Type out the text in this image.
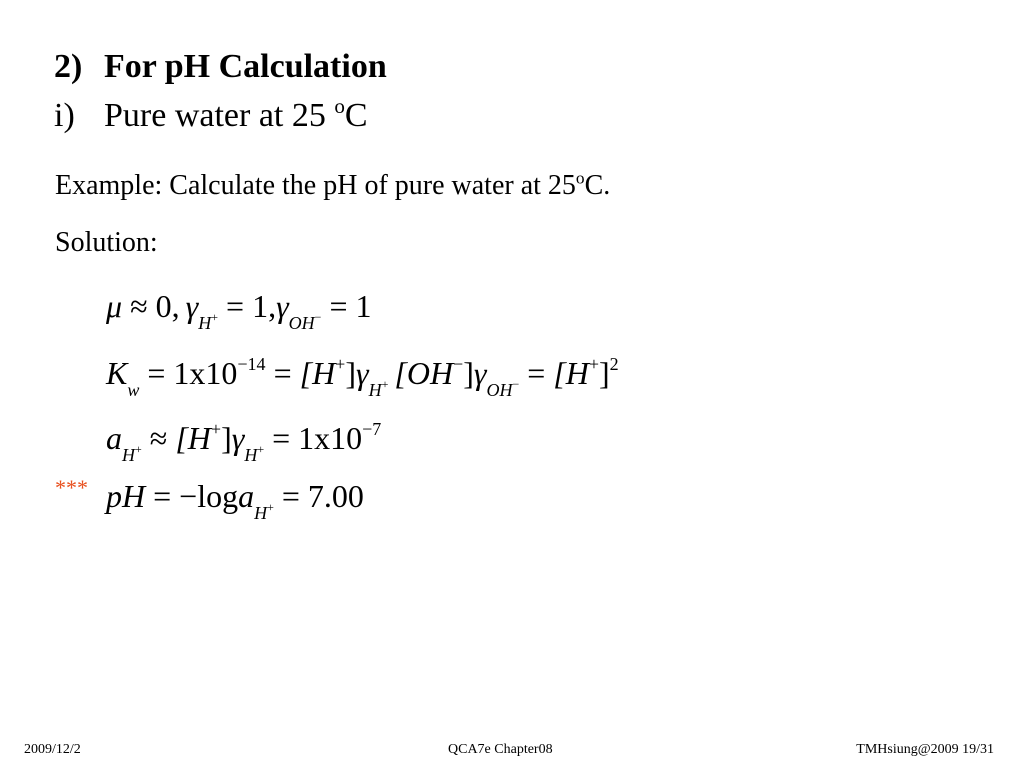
2) For pH Calculation
i) Pure water at 25 $^o$C
Example: Calculate the pH of pure water at 25$^o$C.
Solution:
μ ≈ 0, $\gamma_{H^+} = 1,\gamma_{OH^-} = 1$
$K_w = 1x10^{-14} = [H^+]\gamma_{H^+}$ $[OH^-]\gamma_{OH^-} = [H^+]^2$
$a_{H^+} \approx [H^+]\gamma_{H^+} = 1x10^{-7}$
*** pH = −loga$_{H^+}$ = 7.00
2009/12/2	QCA7e Chapter08	TMHsiung@2009 19/31
